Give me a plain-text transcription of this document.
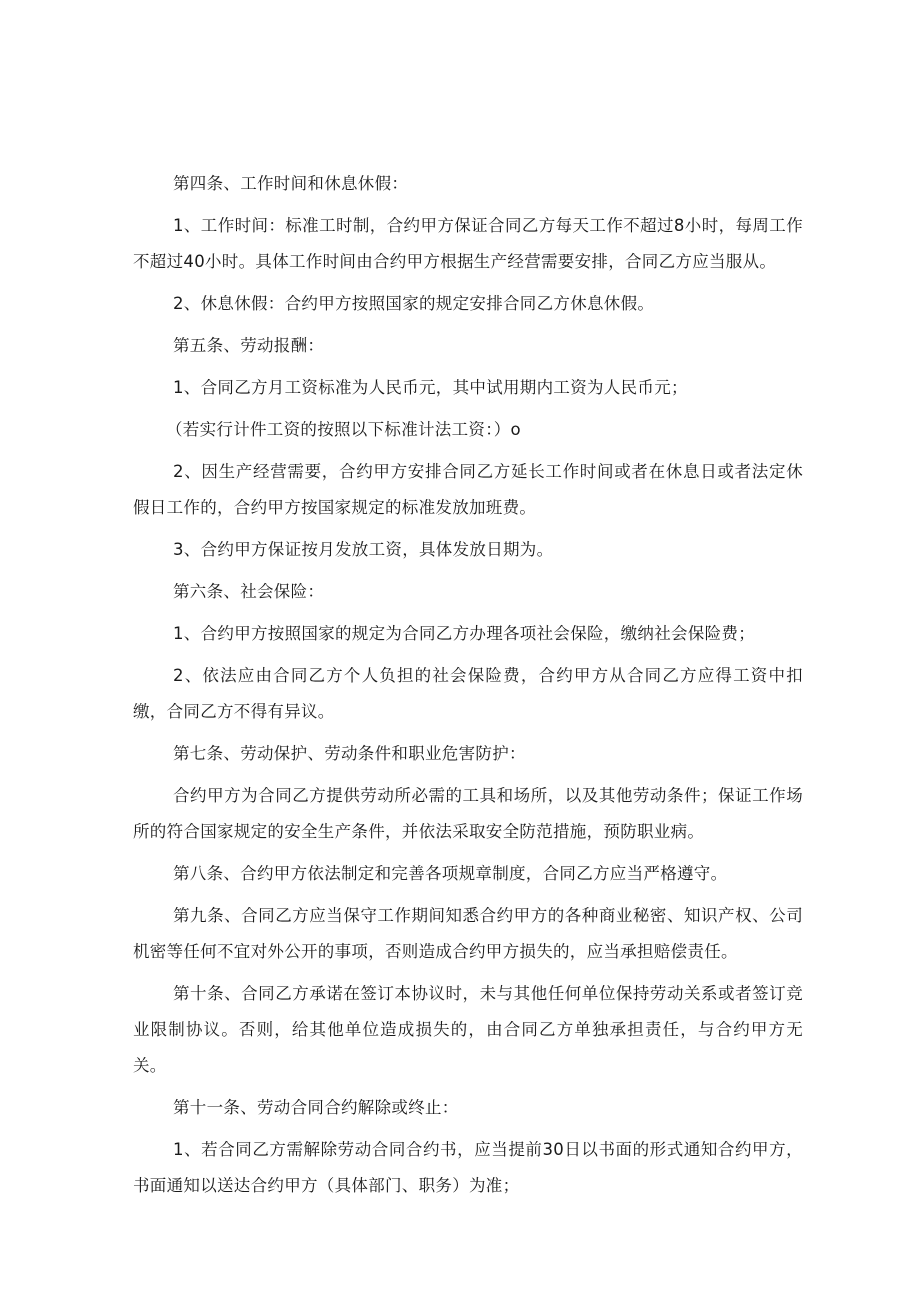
第四条、工作时间和休息休假：

1、工作时间：标准工时制，合约甲方保证合同乙方每天工作不超过8小时，每周工作不超过40小时。具体工作时间由合约甲方根据生产经营需要安排，合同乙方应当服从。

2、休息休假：合约甲方按照国家的规定安排合同乙方休息休假。

第五条、劳动报酬：

1、合同乙方月工资标准为人民币元，其中试用期内工资为人民币元；

（若实行计件工资的按照以下标准计法工资：）o

2、因生产经营需要，合约甲方安排合同乙方延长工作时间或者在休息日或者法定休假日工作的，合约甲方按国家规定的标准发放加班费。

3、合约甲方保证按月发放工资，具体发放日期为。

第六条、社会保险：

1、合约甲方按照国家的规定为合同乙方办理各项社会保险，缴纳社会保险费；

2、依法应由合同乙方个人负担的社会保险费，合约甲方从合同乙方应得工资中扣缴，合同乙方不得有异议。

第七条、劳动保护、劳动条件和职业危害防护：

合约甲方为合同乙方提供劳动所必需的工具和场所，以及其他劳动条件；保证工作场所的符合国家规定的安全生产条件，并依法采取安全防范措施，预防职业病。

第八条、合约甲方依法制定和完善各项规章制度，合同乙方应当严格遵守。

第九条、合同乙方应当保守工作期间知悉合约甲方的各种商业秘密、知识产权、公司机密等任何不宜对外公开的事项，否则造成合约甲方损失的，应当承担赔偿责任。

第十条、合同乙方承诺在签订本协议时，未与其他任何单位保持劳动关系或者签订竞业限制协议。否则，给其他单位造成损失的，由合同乙方单独承担责任，与合约甲方无关。

第十一条、劳动合同合约解除或终止：

1、若合同乙方需解除劳动合同合约书，应当提前30日以书面的形式通知合约甲方，书面通知以送达合约甲方（具体部门、职务）为准；
